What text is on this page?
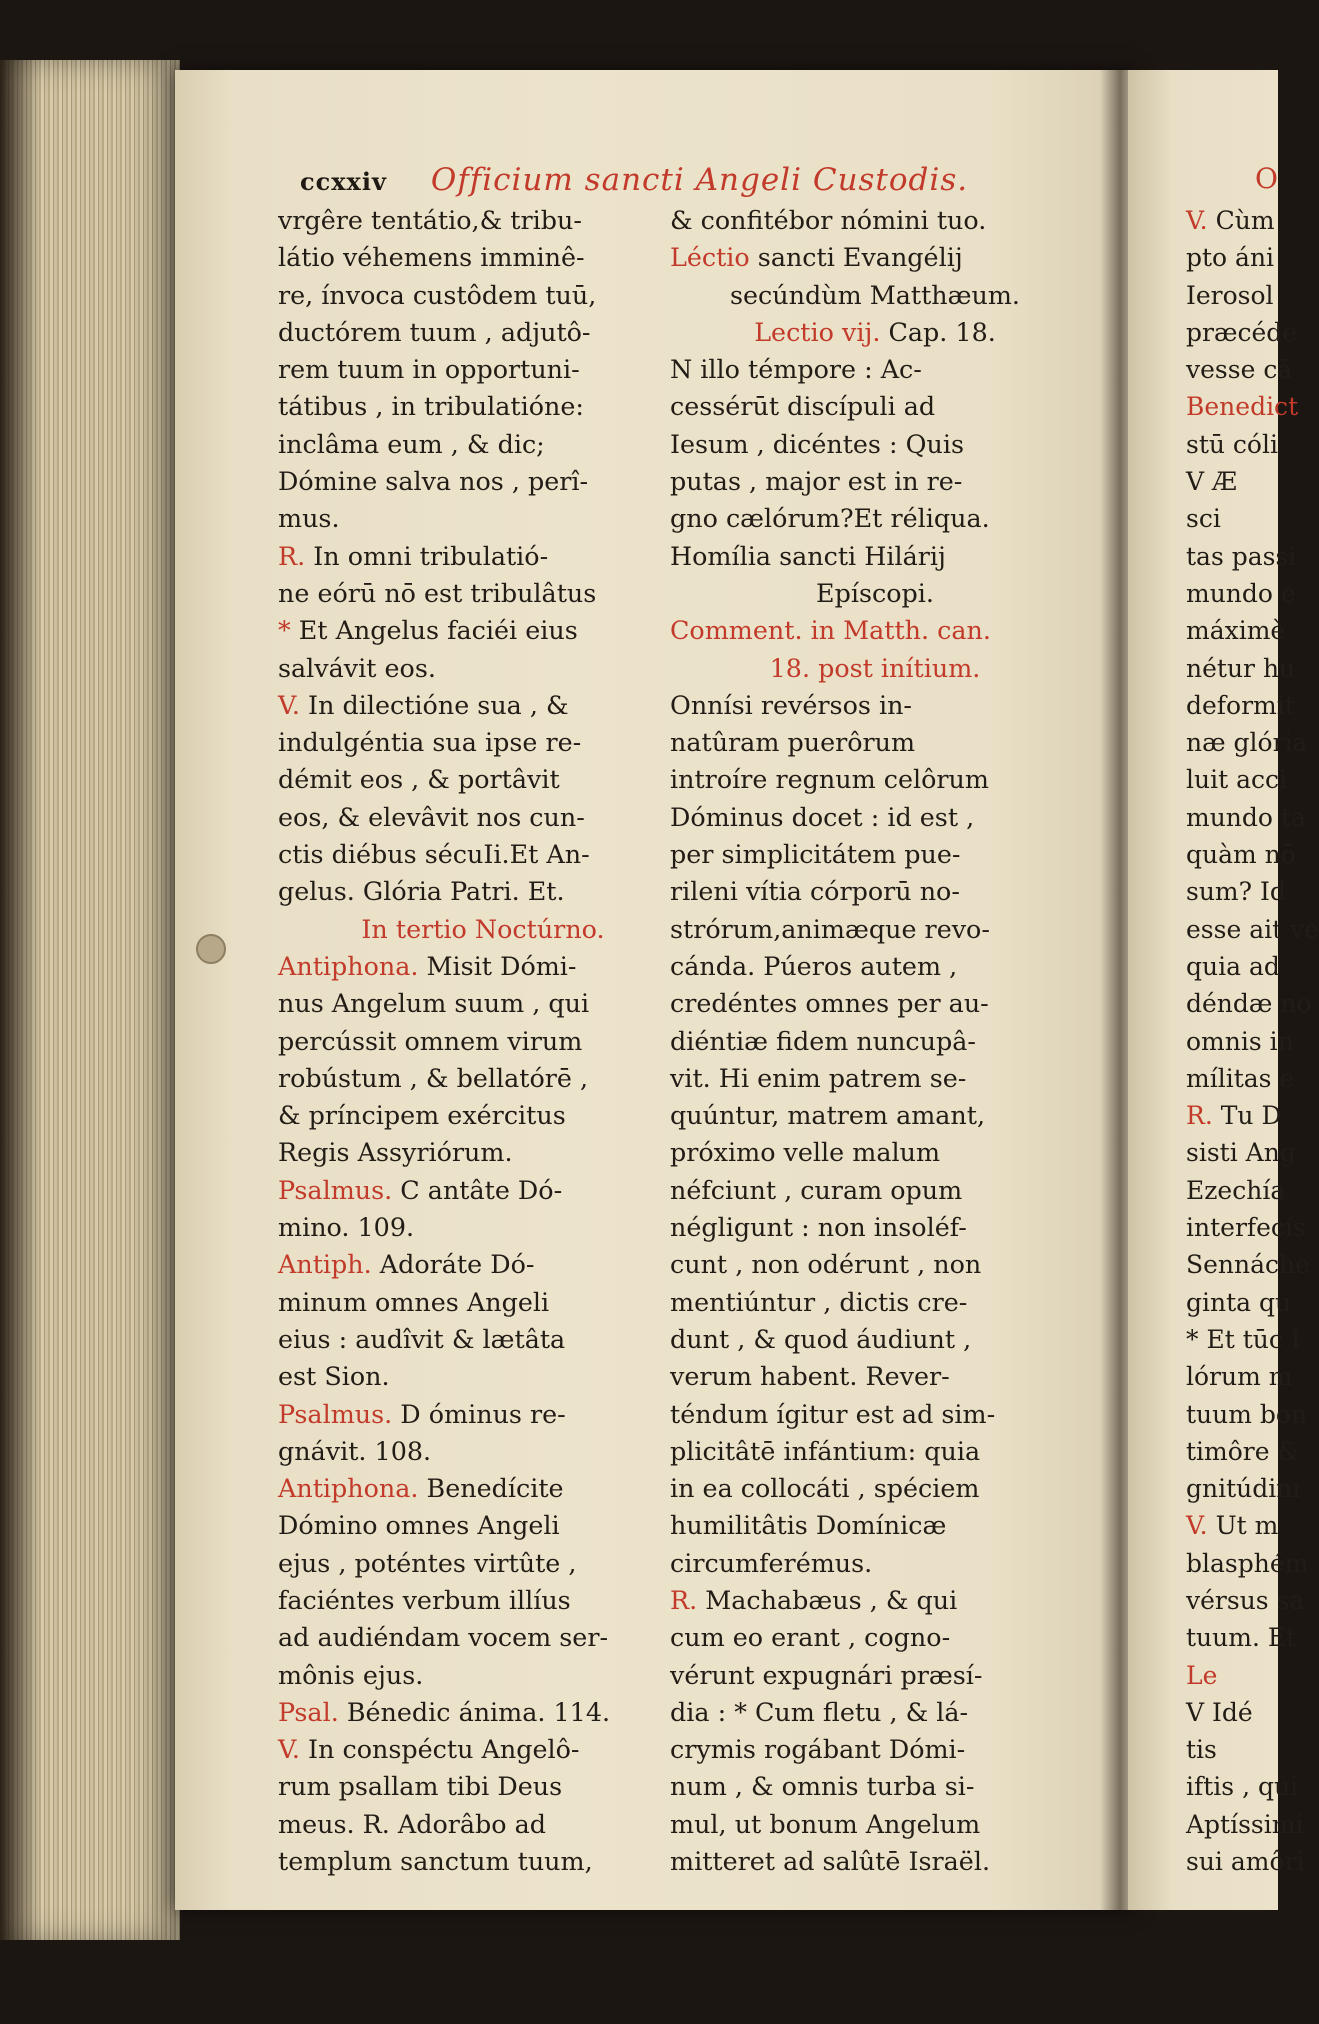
ccxxiv Officium sancti Angeli Custodis.
vrgêre tentátio,& tribu-
látio véhemens imminê-
re, ínvoca custôdem tuū,
ductórem tuum , adjutô-
rem tuum in opportuni-
tátibus , in tribulatióne:
inclâma eum , & dic;
Dómine salva nos , perî-
mus.
R. In omni tribulatió-
ne eórū nō est tribulâtus
* Et Angelus faciéi eius
salvávit eos.
V. In dilectióne sua , &
indulgéntia sua ipse re-
démit eos , & portâvit
eos, & elevâvit nos cun-
ctis diébus sécuIi.Et An-
gelus. Glória Patri. Et.
In tertio Noctúrno.
Antiphona. Misit Dómi-
nus Angelum suum , qui
percússit omnem virum
robústum , & bellatórē ,
& príncipem exércitus
Regis Assyriórum.
Psalmus. C antâte Dó-
mino. 109.
Antiph. Adoráte Dó-
minum omnes Angeli
eius : audîvit & lætâta
est Sion.
Psalmus. D óminus re-
gnávit. 108.
Antiphona. Benedícite
Dómino omnes Angeli
ejus , poténtes virtûte ,
faciéntes verbum illíus
ad audiéndam vocem ser-
mônis ejus.
Psal. Bénedic ánima. 114.
V. In conspéctu Angelô-
rum psallam tibi Deus
meus. R. Adorâbo ad
templum sanctum tuum,
& confitébor nómini tuo.
Léctio sancti Evangélij
secúndùm Matthæum.
Lectio vij. Cap. 18.
N illo témpore : Ac-
cessérūt discípuli ad
Iesum , dicéntes : Quis
putas , major est in re-
gno cælórum?Et réliqua.
Homília sancti Hilárij
Epíscopi.
Comment. in Matth. can.
18. post inítium.
Onnísi revérsos in-
natûram puerôrum
introíre regnum celôrum
Dóminus docet : id est ,
per simplicitátem pue-
rileni vítia córporū no-
strórum,animæque revo-
cánda. Púeros autem ,
credéntes omnes per au-
diéntiæ fidem nuncupâ-
vit. Hi enim patrem se-
quúntur, matrem amant,
próximo velle malum
néfciunt , curam opum
négligunt : non insoléf-
cunt , non odérunt , non
mentiúntur , dictis cre-
dunt , & quod áudiunt ,
verum habent. Rever-
téndum ígitur est ad sim-
plicitâtē infántium: quia
in ea collocáti , spéciem
humilitâtis Domínicæ
circumferémus.
R. Machabæus , & qui
cum eo erant , cogno-
vérunt expugnári præsí-
dia : * Cum fletu , & lá-
crymis rogábant Dómi-
num , & omnis turba si-
mul, ut bonum Angelum
mitteret ad salûtē Israël.
O
V. Cùm
pto áni
Ierosol
præcéde
vesse cā
Benedict
stū cóli
V Æ
sci
tas passi
mundo e
máximè
nétur hu
deformit
næ glória
luit acci
mundo ta
quàm nō
sum? Id
esse ait ve
quia ad
déndæ no
omnis in
mílitas e
R. Tu D
sisti Ang
Ezechía
interfecís
Sennáche
ginta qu
* Et tūc I
lórum m
tuum bon
timôre &
gnitúdini
V. Ut m
blasphém
vérsus sa
tuum. Et
Le
V Idé
tis
iftis , qui
Aptíssimi
sui amôri
